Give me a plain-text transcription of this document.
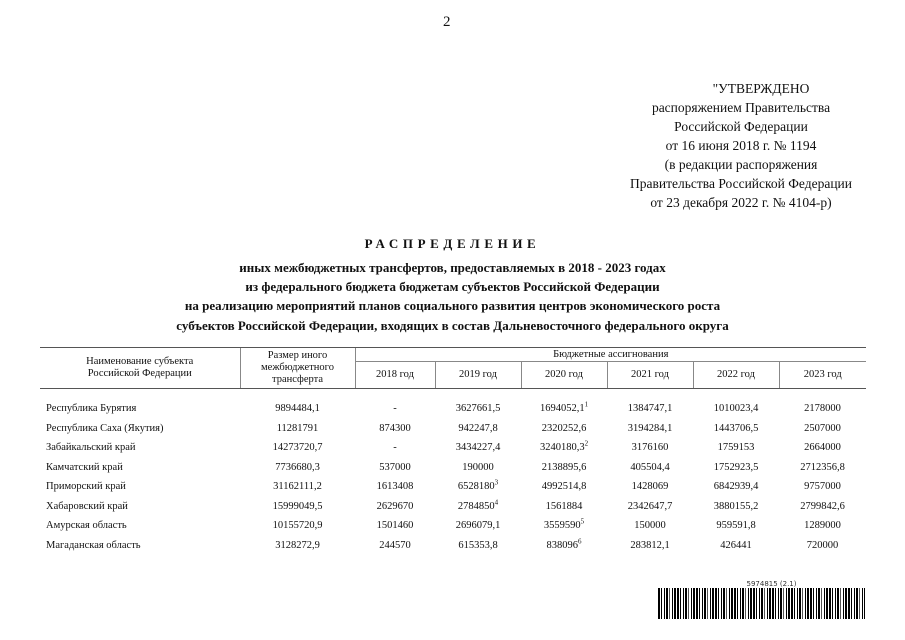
2
"УТВЕРЖДЕНО
распоряжением Правительства
Российской Федерации
от 16 июня 2018 г. № 1194
(в редакции распоряжения
Правительства Российской Федерации
от 23 декабря 2022 г. № 4104-р)
РАСПРЕДЕЛЕНИЕ
иных межбюджетных трансфертов, предоставляемых в 2018 - 2023 годах
из федерального бюджета бюджетам субъектов Российской Федерации
на реализацию мероприятий планов социального развития центров экономического роста
субъектов Российской Федерации, входящих в состав Дальневосточного федерального округа
Наименование субъекта
Российской Федерации

Размер иного
межбюджетного
трансферта
	Бюджетные ассигнования
		2018 год	2019 год	2020 год	2021 год	2022 год	2023 год

Республика Бурятия	9894484,1	-	3627661,5	1694052,1$^1$	1384747,1	1010023,4	2178000
Республика Саха (Якутия)	11281791	874300	942247,8	2320252,6	3194284,1	1443706,5	2507000
Забайкальский край	14273720,7	-	3434227,4	3240180,3$^2$	3176160	1759153	2664000
Камчатский край	7736680,3	537000	190000	2138895,6	405504,4	1752923,5	2712356,8
Приморский край	31162111,2	1613408	6528180$^3$	4992514,8	1428069	6842939,4	9757000
Хабаровский край	15999049,5	2629670	2784850$^4$	1561884	2342647,7	3880155,2	2799842,6
Амурская область	10155720,9	1501460	2696079,1	3559590$^5$	150000	959591,8	1289000
Магаданская область	3128272,9	244570	615353,8	838096$^6$	283812,1	426441	720000
5974815 (2.1)
